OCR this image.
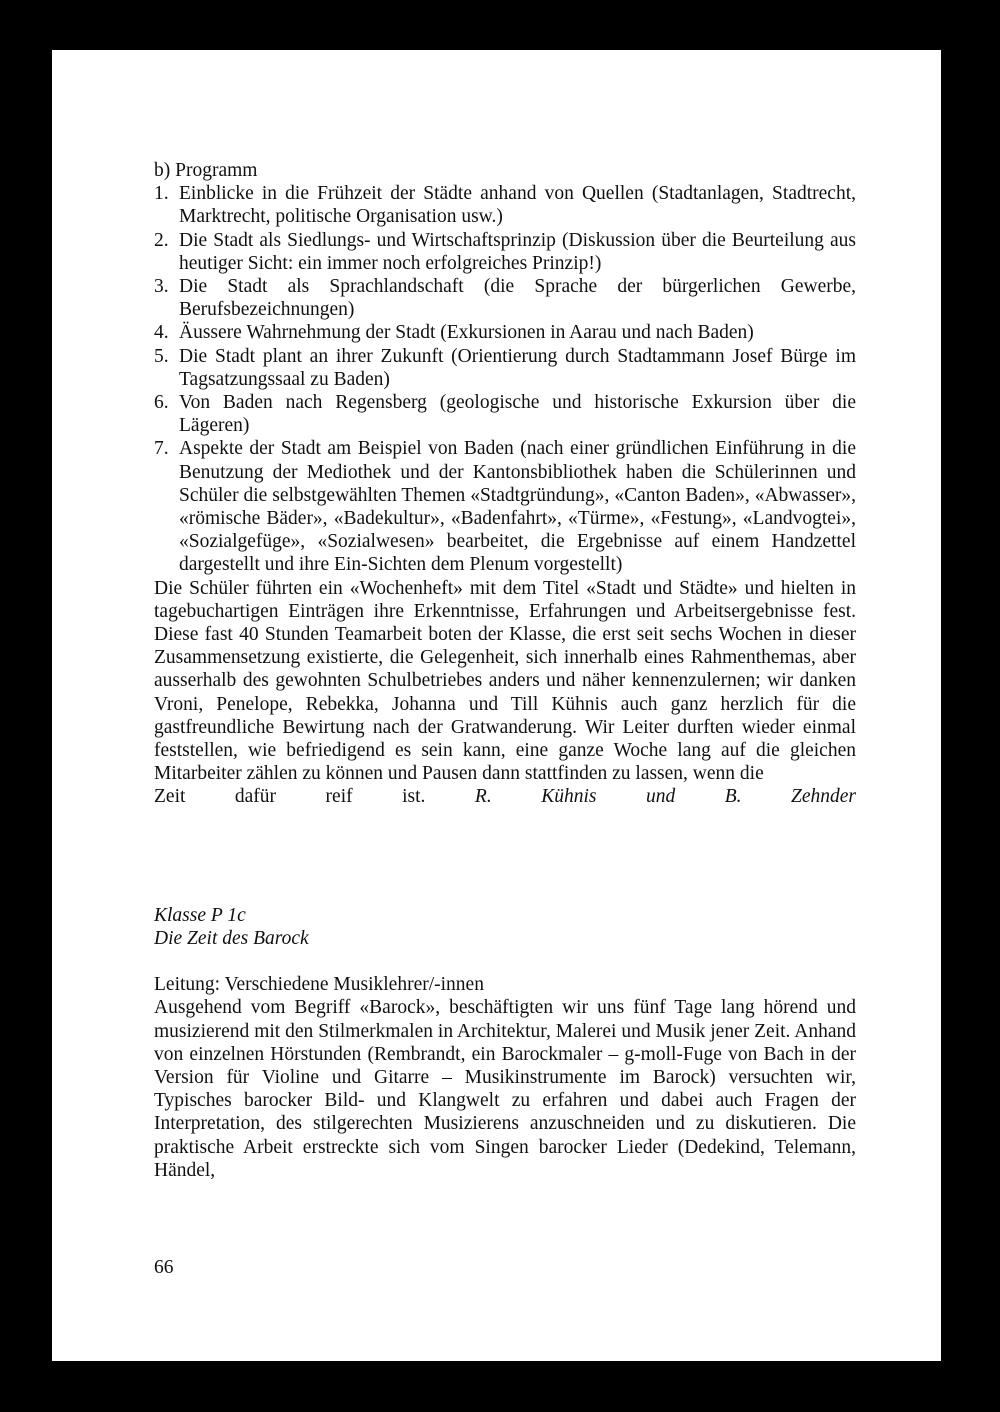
b) Programm

1. Einblicke in die Frühzeit der Städte anhand von Quellen (Stadtanlagen, Stadtrecht, Marktrecht, politische Organisation usw.)
2. Die Stadt als Siedlungs- und Wirtschaftsprinzip (Diskussion über die Beurteilung aus heutiger Sicht: ein immer noch erfolgreiches Prinzip!)
3. Die Stadt als Sprachlandschaft (die Sprache der bürgerlichen Gewerbe, Berufsbezeichnungen)
4. Äussere Wahrnehmung der Stadt (Exkursionen in Aarau und nach Baden)
5. Die Stadt plant an ihrer Zukunft (Orientierung durch Stadtammann Josef Bürge im Tagsatzungssaal zu Baden)
6. Von Baden nach Regensberg (geologische und historische Exkursion über die Lägeren)
7. Aspekte der Stadt am Beispiel von Baden (nach einer gründlichen Einführung in die Benutzung der Mediothek und der Kantonsbibliothek haben die Schülerinnen und Schüler die selbstgewählten Themen «Stadtgründung», «Canton Baden», «Abwasser», «römische Bäder», «Badekultur», «Badenfahrt», «Türme», «Festung», «Landvogtei», «Sozialgefüge», «Sozialwesen» bearbeitet, die Ergebnisse auf einem Handzettel dargestellt und ihre Ein-Sichten dem Plenum vorgestellt)

Die Schüler führten ein «Wochenheft» mit dem Titel «Stadt und Städte» und hielten in tagebuchartigen Einträgen ihre Erkenntnisse, Erfahrungen und Arbeitsergebnisse fest. Diese fast 40 Stunden Teamarbeit boten der Klasse, die erst seit sechs Wochen in dieser Zusammensetzung existierte, die Gelegenheit, sich innerhalb eines Rahmenthemas, aber ausserhalb des gewohnten Schulbetriebes anders und näher kennenzulernen; wir danken Vroni, Penelope, Rebekka, Johanna und Till Kühnis auch ganz herzlich für die gastfreundliche Bewirtung nach der Gratwanderung. Wir Leiter durften wieder einmal feststellen, wie befriedigend es sein kann, eine ganze Woche lang auf die gleichen Mitarbeiter zählen zu können und Pausen dann stattfinden zu lassen, wenn die

Zeit dafür reif ist.	R. Kühnis und B. Zehnder

Klasse P 1c

Die Zeit des Barock

Leitung: Verschiedene Musiklehrer/-innen

Ausgehend vom Begriff «Barock», beschäftigten wir uns fünf Tage lang hörend und musizierend mit den Stilmerkmalen in Architektur, Malerei und Musik jener Zeit. Anhand von einzelnen Hörstunden (Rembrandt, ein Barockmaler – g-moll-Fuge von Bach in der Version für Violine und Gitarre – Musikinstrumente im Barock) versuchten wir, Typisches barocker Bild- und Klangwelt zu erfahren und dabei auch Fragen der Interpretation, des stilgerechten Musizierens anzuschneiden und zu diskutieren. Die praktische Arbeit erstreckte sich vom Singen barocker Lieder (Dedekind, Telemann, Händel,

66
